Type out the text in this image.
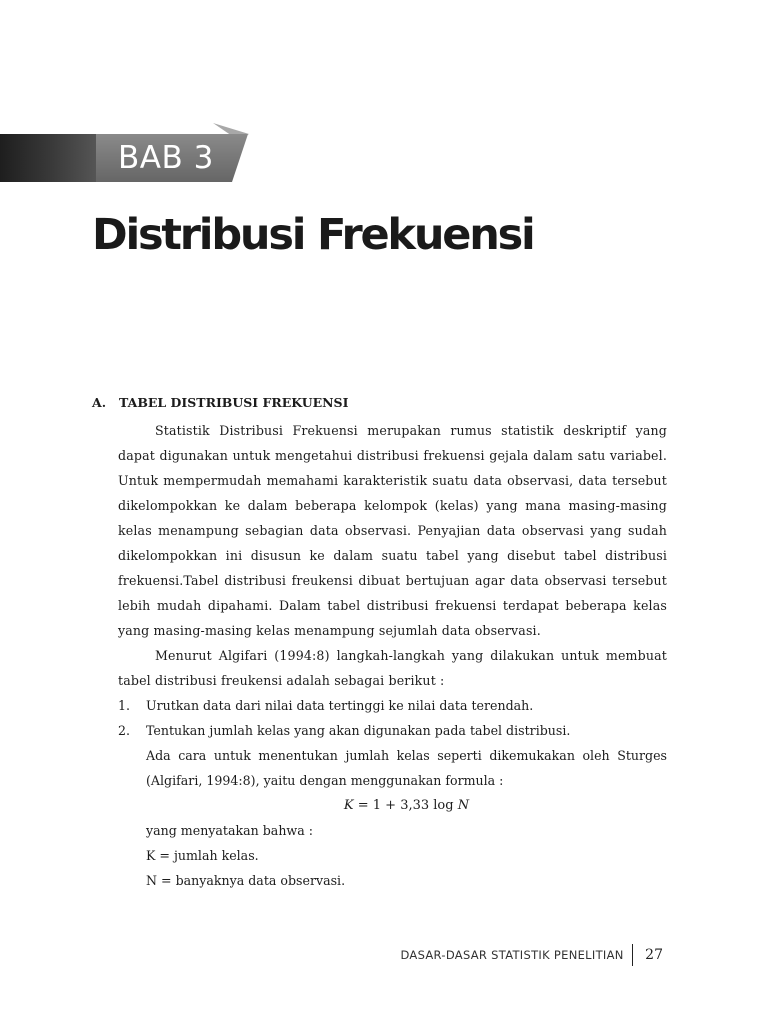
BAB 3
Distribusi Frekuensi
A. TABEL DISTRIBUSI FREKUENSI

Statistik Distribusi Frekuensi merupakan rumus statistik deskriptif yang dapat digunakan untuk mengetahui distribusi frekuensi gejala dalam satu variabel. Untuk mempermudah memahami karakteristik suatu data observasi, data tersebut dikelompokkan ke dalam beberapa kelompok (kelas) yang mana masing-masing kelas menampung sebagian data observasi. Penyajian data observasi yang sudah dikelompokkan ini disusun ke dalam suatu tabel yang disebut tabel distribusi frekuensi.Tabel distribusi freukensi dibuat bertujuan agar data observasi tersebut lebih mudah dipahami. Dalam tabel distribusi frekuensi terdapat beberapa kelas yang masing-masing kelas menampung sejumlah data observasi.

Menurut Algifari (1994:8) langkah-langkah yang dilakukan untuk membuat tabel distribusi freukensi adalah sebagai berikut :

1. Urutkan data dari nilai data tertinggi ke nilai data terendah.
2. Tentukan jumlah kelas yang akan digunakan pada tabel distribusi.
Ada cara untuk menentukan jumlah kelas seperti dikemukakan oleh Sturges (Algifari, 1994:8), yaitu dengan menggunakan formula :
K = 1 + 3,33 log N
yang menyatakan bahwa :
K = jumlah kelas.
N = banyaknya data observasi.
DASAR-DASAR STATISTIK PENELITIAN 27
